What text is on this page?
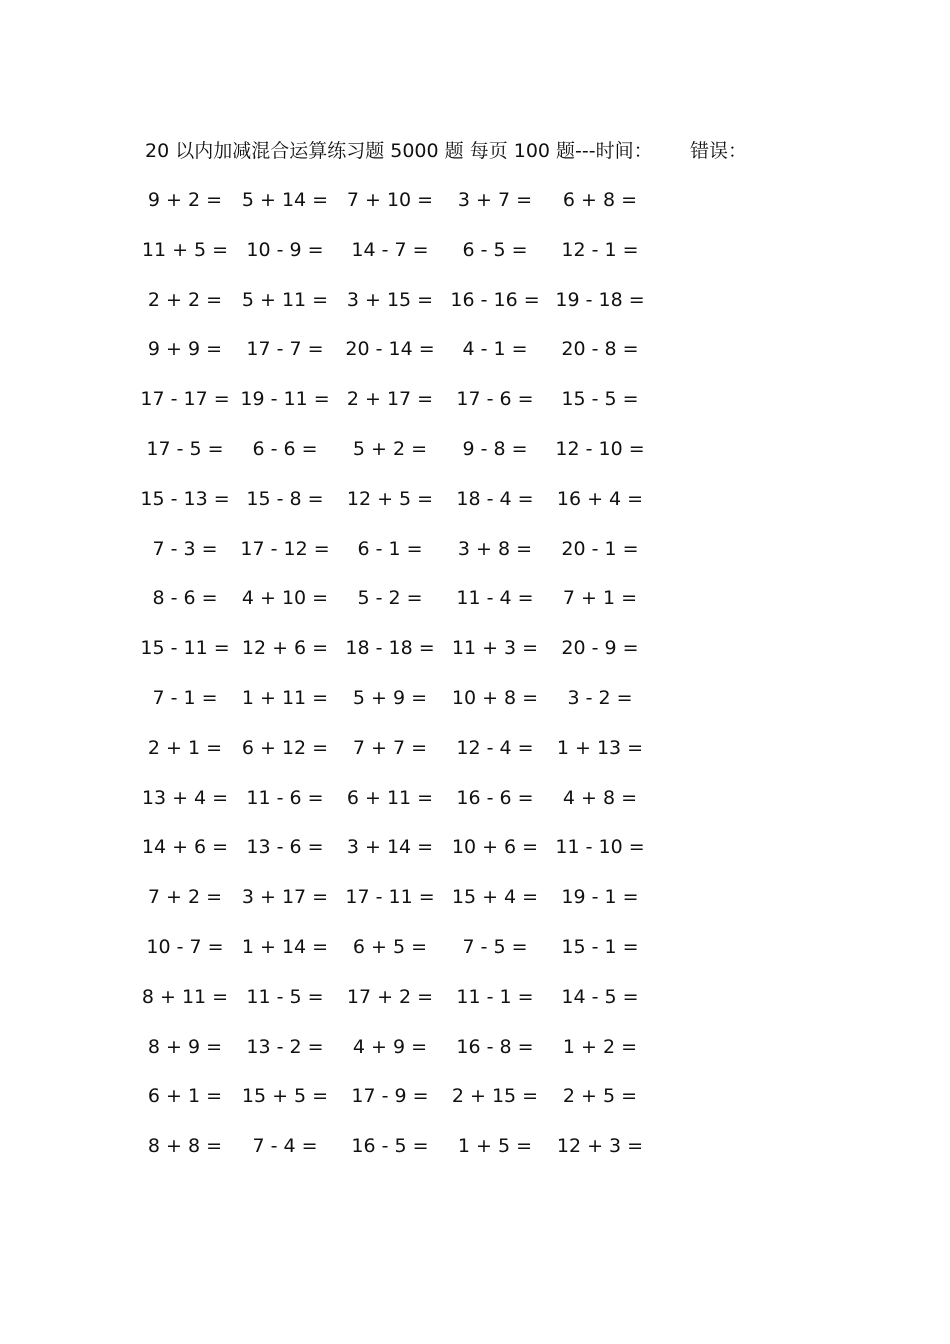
20 以内加减混合运算练习题 5000 题 每页 100 题---时间： 错误：
9 + 2 =	5 + 14 = 7 + 10 =	3 + 7 =	6 + 8 =
11 + 5 = 10 - 9 =	14 - 7 =	6 - 5 =	12 - 1 =
2 + 2 =	5 + 11 = 3 + 15 = 16 - 16 = 19 - 18 =
9 + 9 =	17 - 7 =	20 - 14 =	4 - 1 =	20 - 8 =
17 - 17 = 19 - 11 = 2 + 17 =	17 - 6 =	15 - 5 =
17 - 5 =	6 - 6 =	5 + 2 =	9 - 8 =	12 - 10 =
15 - 13 = 15 - 8 =	12 + 5 =	18 - 4 =	16 + 4 =
7 - 3 =	17 - 12 =	6 - 1 =	3 + 8 =	20 - 1 =
8 - 6 =	4 + 10 =	5 - 2 =	11 - 4 =	7 + 1 =
15 - 11 = 12 + 6 = 18 - 18 = 11 + 3 =	20 - 9 =
7 - 1 =	1 + 11 =	5 + 9 =	10 + 8 =	3 - 2 =
2 + 1 =	6 + 12 =	7 + 7 =	12 - 4 =	1 + 13 =
13 + 4 = 11 - 6 =	6 + 11 =	16 - 6 =	4 + 8 =
14 + 6 = 13 - 6 =	3 + 14 = 10 + 6 = 11 - 10 =
7 + 2 =	3 + 17 = 17 - 11 = 15 + 4 =	19 - 1 =
10 - 7 = 1 + 14 =	6 + 5 =	7 - 5 =	15 - 1 =
8 + 11 = 11 - 5 =	17 + 2 =	11 - 1 =	14 - 5 =
8 + 9 =	13 - 2 =	4 + 9 =	16 - 8 =	1 + 2 =
6 + 1 =	15 + 5 =	17 - 9 =	2 + 15 =	2 + 5 =
8 + 8 =	7 - 4 =	16 - 5 =	1 + 5 =	12 + 3 =
